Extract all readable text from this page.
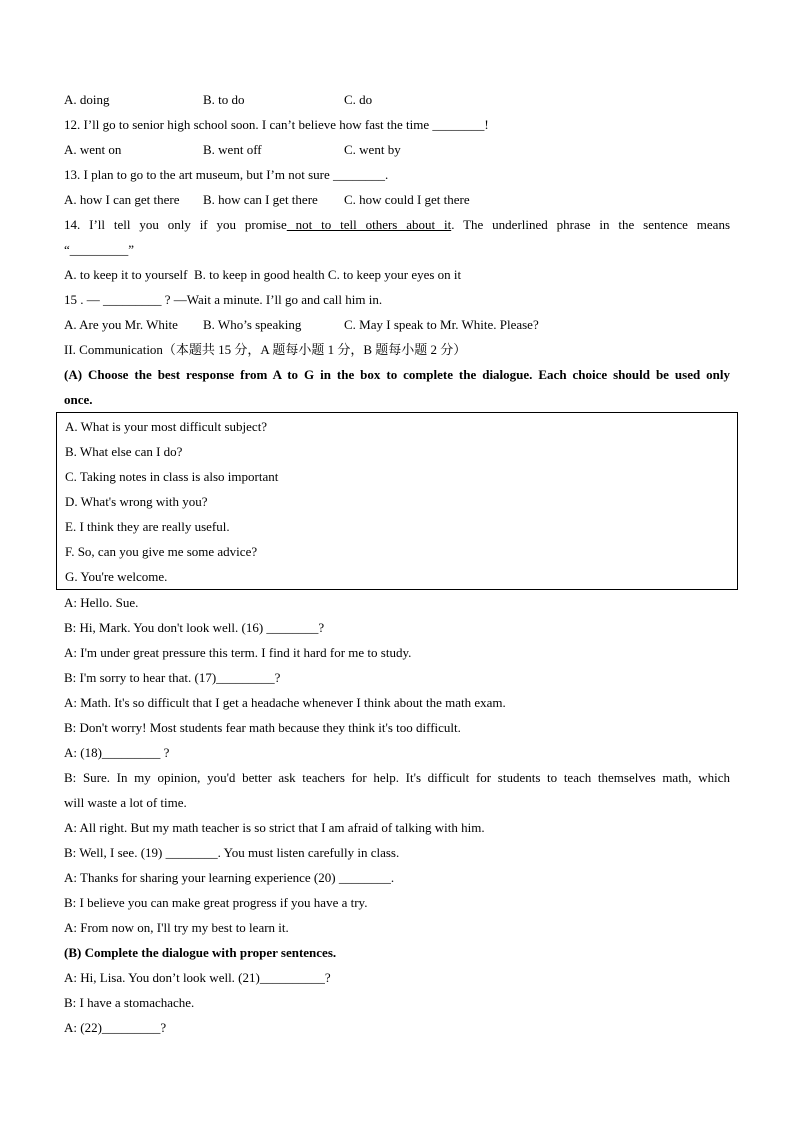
A. doing

	B. to do

	C. do

12. I’ll go to senior high school soon. I can’t believe how fast the time ________!

A. went on

	B. went off

	C. went by

13. I plan to go to the art museum, but I’m not sure ________.

A. how I can get there

B. how can I get there

C. how could I get there

14. I’ll tell you only if you promise not to tell others about it. The underlined phrase in the sentence means
“_________”
A. to keep it to yourself  B. to keep in good health C. to keep your eyes on it
15 . — _________ ? —Wait a minute. I’ll go and call him in.

A. Are you Mr. White

B. Who’s speaking

	C. May I speak to Mr. White. Please?

II. Communication（本题共 15 分，A 题每小题 1 分，B 题每小题 2 分）
(A) Choose the best response from A to G in the box to complete the dialogue. Each choice should be used only
once.
A. What is your most difficult subject?
B. What else can I do?
C. Taking notes in class is also important
D. What's wrong with you?
E. I think they are really useful.
F. So, can you give me some advice?
G. You're welcome.
A: Hello. Sue.
B: Hi, Mark. You don't look well. (16) ________?
A: I'm under great pressure this term. I find it hard for me to study.
B: I'm sorry to hear that. (17)_________?
A: Math. It's so difficult that I get a headache whenever I think about the math exam.
B: Don't worry! Most students fear math because they think it's too difficult.
A: (18)_________ ?
B: Sure. In my opinion, you'd better ask teachers for help. It's difficult for students to teach themselves math, which
will waste a lot of time.
A: All right. But my math teacher is so strict that I am afraid of talking with him.
B: Well, I see. (19) ________. You must listen carefully in class.
A: Thanks for sharing your learning experience (20) ________.
B: I believe you can make great progress if you have a try.
A: From now on, I'll try my best to learn it.
(B) Complete the dialogue with proper sentences.
A: Hi, Lisa. You don’t look well. (21)__________?
B: I have a stomachache.
A: (22)_________?
